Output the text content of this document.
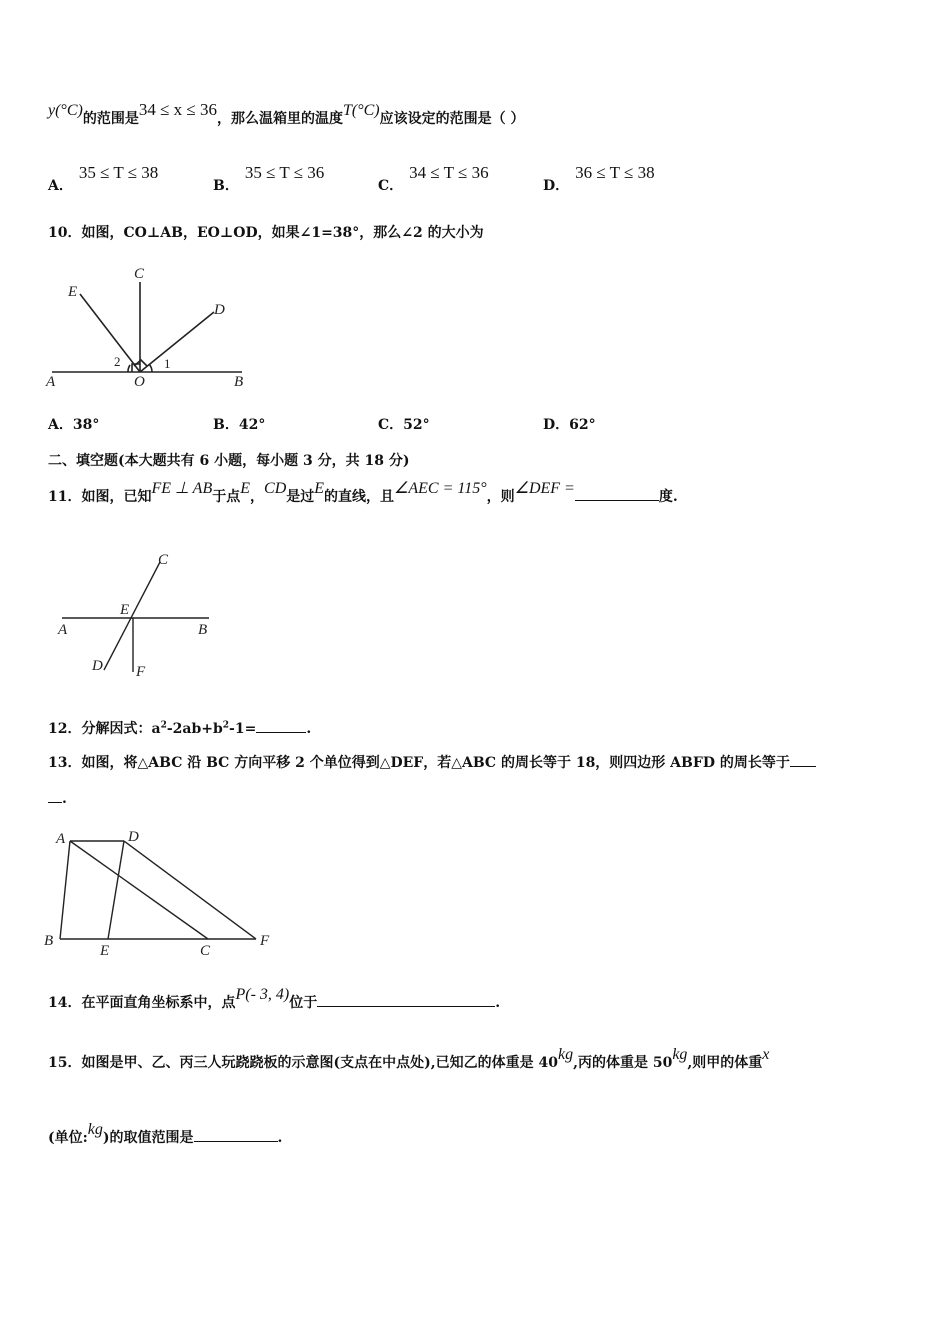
y(°C)的范围是34 ≤ x ≤ 36，那么温箱里的温度T(°C)应该设定的范围是（ ）
A．35 ≤ T ≤ 38
B．35 ≤ T ≤ 36
C．34 ≤ T ≤ 36
D．36 ≤ T ≤ 38
10．如图，CO⊥AB，EO⊥OD，如果∠1=38°，那么∠2 的大小为
A	B
C
D
E
O
1
2
A．38°	B．42°	C．52°	D．62°
二、填空题(本大题共有 6 小题，每小题 3 分，共 18 分)
11．如图，已知FE ⊥ AB于点E，CD是过E的直线，且∠AEC = 115°，则∠DEF =	度.
A	B
C
D
E
F
12．分解因式：$a^2-2ab+b^2-1=$	.
13．如图，将△ABC 沿 BC 方向平移 2 个单位得到△DEF，若△ABC 的周长等于 18，则四边形 ABFD 的周长等于
.
A	D
B
E	C
F
14．在平面直角坐标系中，点P(- 3, 4)位于	.
15．如图是甲、乙、丙三人玩跷跷板的示意图(支点在中点处),已知乙的体重是 40kg,丙的体重是 50kg,则甲的体重x
(单位:kg)的取值范围是	.
